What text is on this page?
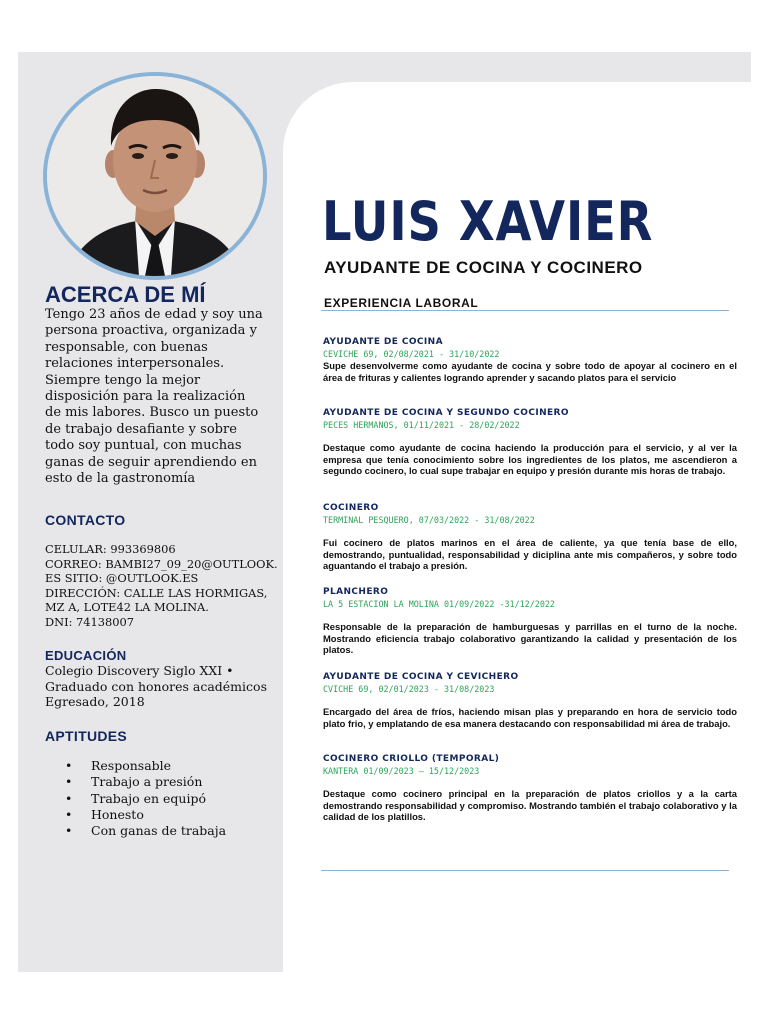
ACERCA DE MÍ
Tengo 23 años de edad y soy una persona proactiva, organizada y responsable, con buenas relaciones interpersonales. Siempre tengo la mejor disposición para la realización de mis labores. Busco un puesto de trabajo desafiante y sobre todo soy puntual, con muchas ganas de seguir aprendiendo en esto de la gastronomía
CONTACTO
CELULAR: 993369806
CORREO: BAMBI27_09_20@OUTLOOK.
ES SITIO: @OUTLOOK.ES
DIRECCIÓN: CALLE LAS HORMIGAS,
MZ A, LOTE42 LA MOLINA.
DNI: 74138007
EDUCACIÓN
Colegio Discovery Siglo XXI •
Graduado con honores académicos
Egresado, 2018
APTITUDES
• Responsable
• Trabajo a presión
• Trabajo en equipó
• Honesto
• Con ganas de trabaja
LUIS XAVIER
AYUDANTE DE COCINA Y COCINERO
EXPERIENCIA LABORAL
AYUDANTE DE COCINA
CEVICHE 69, 02/08/2021 - 31/10/2022
Supe desenvolverme como ayudante de cocina y sobre todo de apoyar al cocinero en el área de frituras y calientes logrando aprender y sacando platos para el servicio
AYUDANTE DE COCINA Y SEGUNDO COCINERO
PECES HERMANOS, 01/11/2021 - 28/02/2022
Destaque como ayudante de cocina haciendo la producción para el servicio, y al ver la empresa que tenía conocimiento sobre los ingredientes de los platos, me ascendieron a segundo cocinero, lo cual supe trabajar en equipo y presión durante mis horas de trabajo.
COCINERO
TERMINAL PESQUERO, 07/03/2022 - 31/08/2022
Fui cocinero de platos marinos en el área de caliente, ya que tenía base de ello, demostrando, puntualidad, responsabilidad y diciplina ante mis compañeros, y sobre todo aguantando el trabajo a presión.
PLANCHERO
LA 5 ESTACION LA MOLINA 01/09/2022 -31/12/2022
Responsable de la preparación de hamburguesas y parrillas en el turno de la noche. Mostrando eficiencia trabajo colaborativo garantizando la calidad y presentación de los platos.
AYUDANTE DE COCINA Y CEVICHERO
CVICHE 69, 02/01/2023 - 31/08/2023
Encargado del área de fríos, haciendo misan plas y preparando en hora de servicio todo plato frio, y emplatando de esa manera destacando con responsabilidad mi área de trabajo.
COCINERO CRIOLLO (TEMPORAL)
KANTERA 01/09/2023 – 15/12/2023
Destaque como cocinero principal en la preparación de platos criollos y a la carta demostrando responsabilidad y compromiso. Mostrando también el trabajo colaborativo y la calidad de los platillos.
